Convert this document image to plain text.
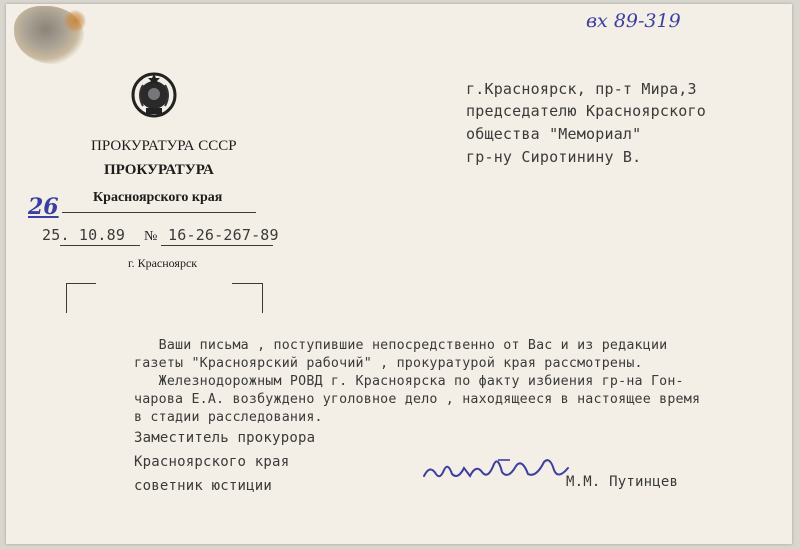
вх 89-319
ПРОКУРАТУРА СССР
ПРОКУРАТУРА
Красноярского края
26
25. 10.89 № 16-26-267-89
г. Красноярск
г.Красноярск, пр-т Мира,3
председателю Красноярского
общества "Мемориал"
гр-ну Сиротинину В.
Ваши письма , поступившие непосредственно от Вас и из редакции
газеты "Красноярский рабочий" , прокуратурой края рассмотрены.
Железнодорожным РОВД г. Красноярска по факту избиения гр-на Гон-
чарова Е.А. возбуждено уголовное дело , находящееся в настоящее время
в стадии расследования.
Заместитель прокурора
Красноярского края
советник юстиции	М.М. Путинцев
